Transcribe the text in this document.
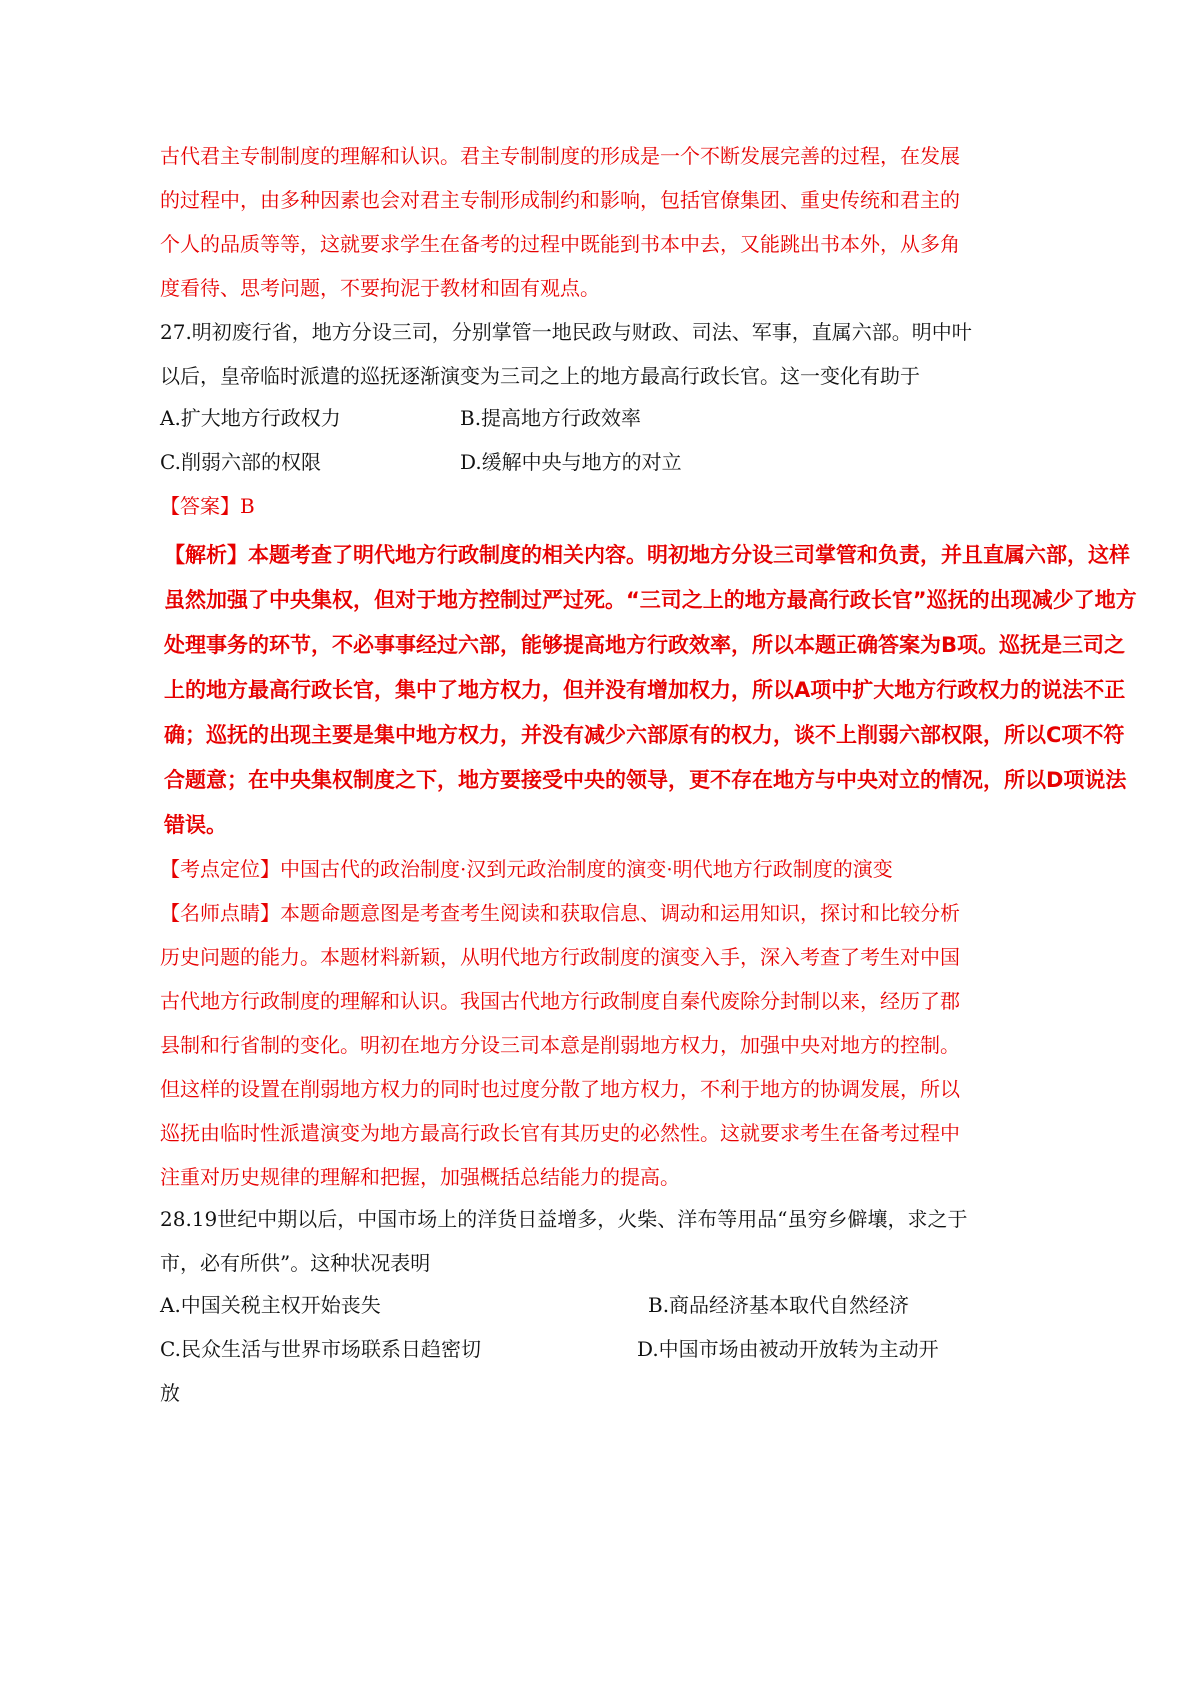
古代君主专制制度的理解和认识。君主专制制度的形成是一个不断发展完善的过程，在发展
的过程中，由多种因素也会对君主专制形成制约和影响，包括官僚集团、重史传统和君主的
个人的品质等等，这就要求学生在备考的过程中既能到书本中去，又能跳出书本外，从多角
度看待、思考问题，不要拘泥于教材和固有观点。
27.明初废行省，地方分设三司，分别掌管一地民政与财政、司法、军事，直属六部。明中叶
以后，皇帝临时派遣的巡抚逐渐演变为三司之上的地方最高行政长官。这一变化有助于
A.扩大地方行政权力	B.提高地方行政效率
C.削弱六部的权限	D.缓解中央与地方的对立
【答案】B
【解析】本题考查了明代地方行政制度的相关内容。明初地方分设三司掌管和负责，并且直属六部，这样
虽然加强了中央集权，但对于地方控制过严过死。“三司之上的地方最高行政长官”巡抚的出现减少了地方
处理事务的环节，不必事事经过六部，能够提高地方行政效率，所以本题正确答案为B项。巡抚是三司之
上的地方最高行政长官，集中了地方权力，但并没有增加权力，所以A项中扩大地方行政权力的说法不正
确；巡抚的出现主要是集中地方权力，并没有减少六部原有的权力，谈不上削弱六部权限，所以C项不符
合题意；在中央集权制度之下，地方要接受中央的领导，更不存在地方与中央对立的情况，所以D项说法
错误。
【考点定位】中国古代的政治制度·汉到元政治制度的演变·明代地方行政制度的演变
【名师点睛】本题命题意图是考查考生阅读和获取信息、调动和运用知识，探讨和比较分析
历史问题的能力。本题材料新颖，从明代地方行政制度的演变入手，深入考查了考生对中国
古代地方行政制度的理解和认识。我国古代地方行政制度自秦代废除分封制以来，经历了郡
县制和行省制的变化。明初在地方分设三司本意是削弱地方权力，加强中央对地方的控制。
但这样的设置在削弱地方权力的同时也过度分散了地方权力，不利于地方的协调发展，所以
巡抚由临时性派遣演变为地方最高行政长官有其历史的必然性。这就要求考生在备考过程中
注重对历史规律的理解和把握，加强概括总结能力的提高。
28.19世纪中期以后，中国市场上的洋货日益增多，火柴、洋布等用品“虽穷乡僻壤，求之于
市，必有所供”。这种状况表明
A.中国关税主权开始丧失	B.商品经济基本取代自然经济
C.民众生活与世界市场联系日趋密切	D.中国市场由被动开放转为主动开
放
